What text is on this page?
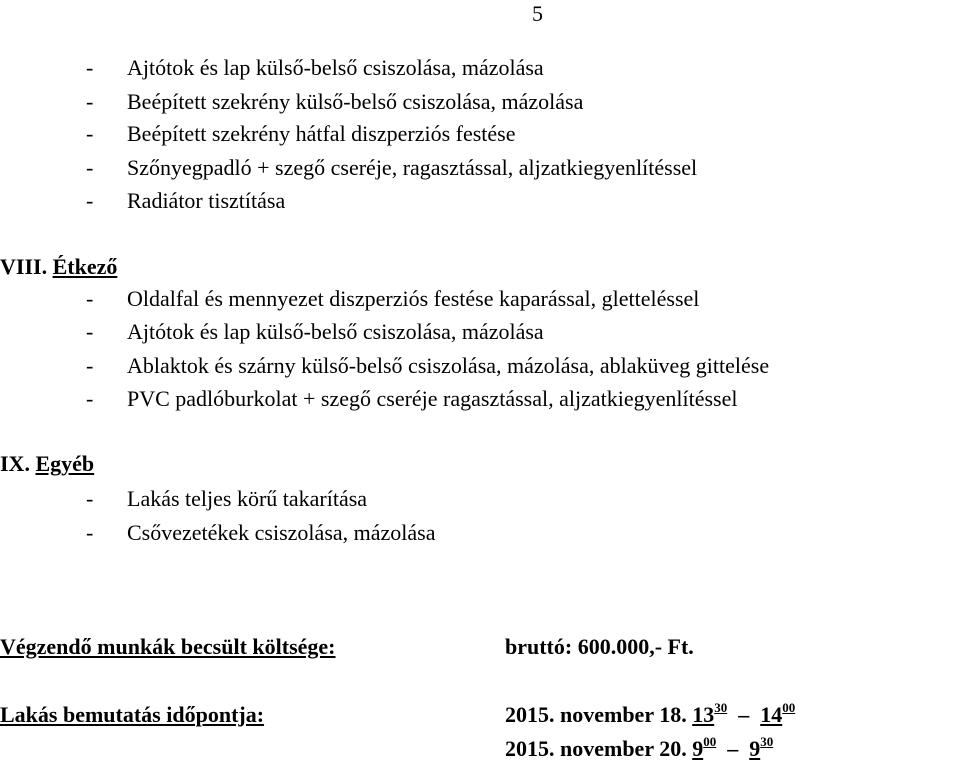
5
- Ajtótok és lap külső-belső csiszolása, mázolása
- Beépített szekrény külső-belső csiszolása, mázolása
- Beépített szekrény hátfal diszperziós festése
- Szőnyegpadló + szegő cseréje, ragasztással, aljzatkiegyenlítéssel
- Radiátor tisztítása
VIII. Étkező
- Oldalfal és mennyezet diszperziós festése kaparással, gletteléssel
- Ajtótok és lap külső-belső csiszolása, mázolása
- Ablaktok és szárny külső-belső csiszolása, mázolása, ablaküveg gittelése
- PVC padlóburkolat + szegő cseréje ragasztással, aljzatkiegyenlítéssel
IX. Egyéb
- Lakás teljes körű takarítása
- Csővezetékek csiszolása, mázolása
Végzendő munkák becsült költsége:	bruttó: 600.000,- Ft.
Lakás bemutatás időpontja:	2015. november 18. $13^{30} - 14^{00}$
2015. november 20. $9^{00} - 9^{30}$
